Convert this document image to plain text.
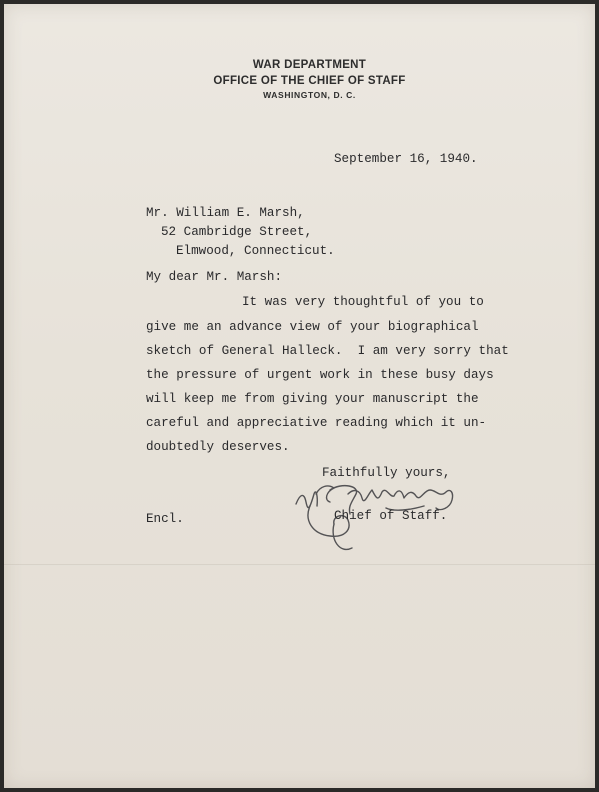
WAR DEPARTMENT
OFFICE OF THE CHIEF OF STAFF
WASHINGTON, D. C.
September 16, 1940.
Mr. William E. Marsh,
52 Cambridge Street,
Elmwood, Connecticut.
My dear Mr. Marsh:
It was very thoughtful of you to
give me an advance view of your biographical
sketch of General Halleck.  I am very sorry that
the pressure of urgent work in these busy days
will keep me from giving your manuscript the
careful and appreciative reading which it un-
doubtedly deserves.
Faithfully yours,
Chief of Staff.
Encl.
